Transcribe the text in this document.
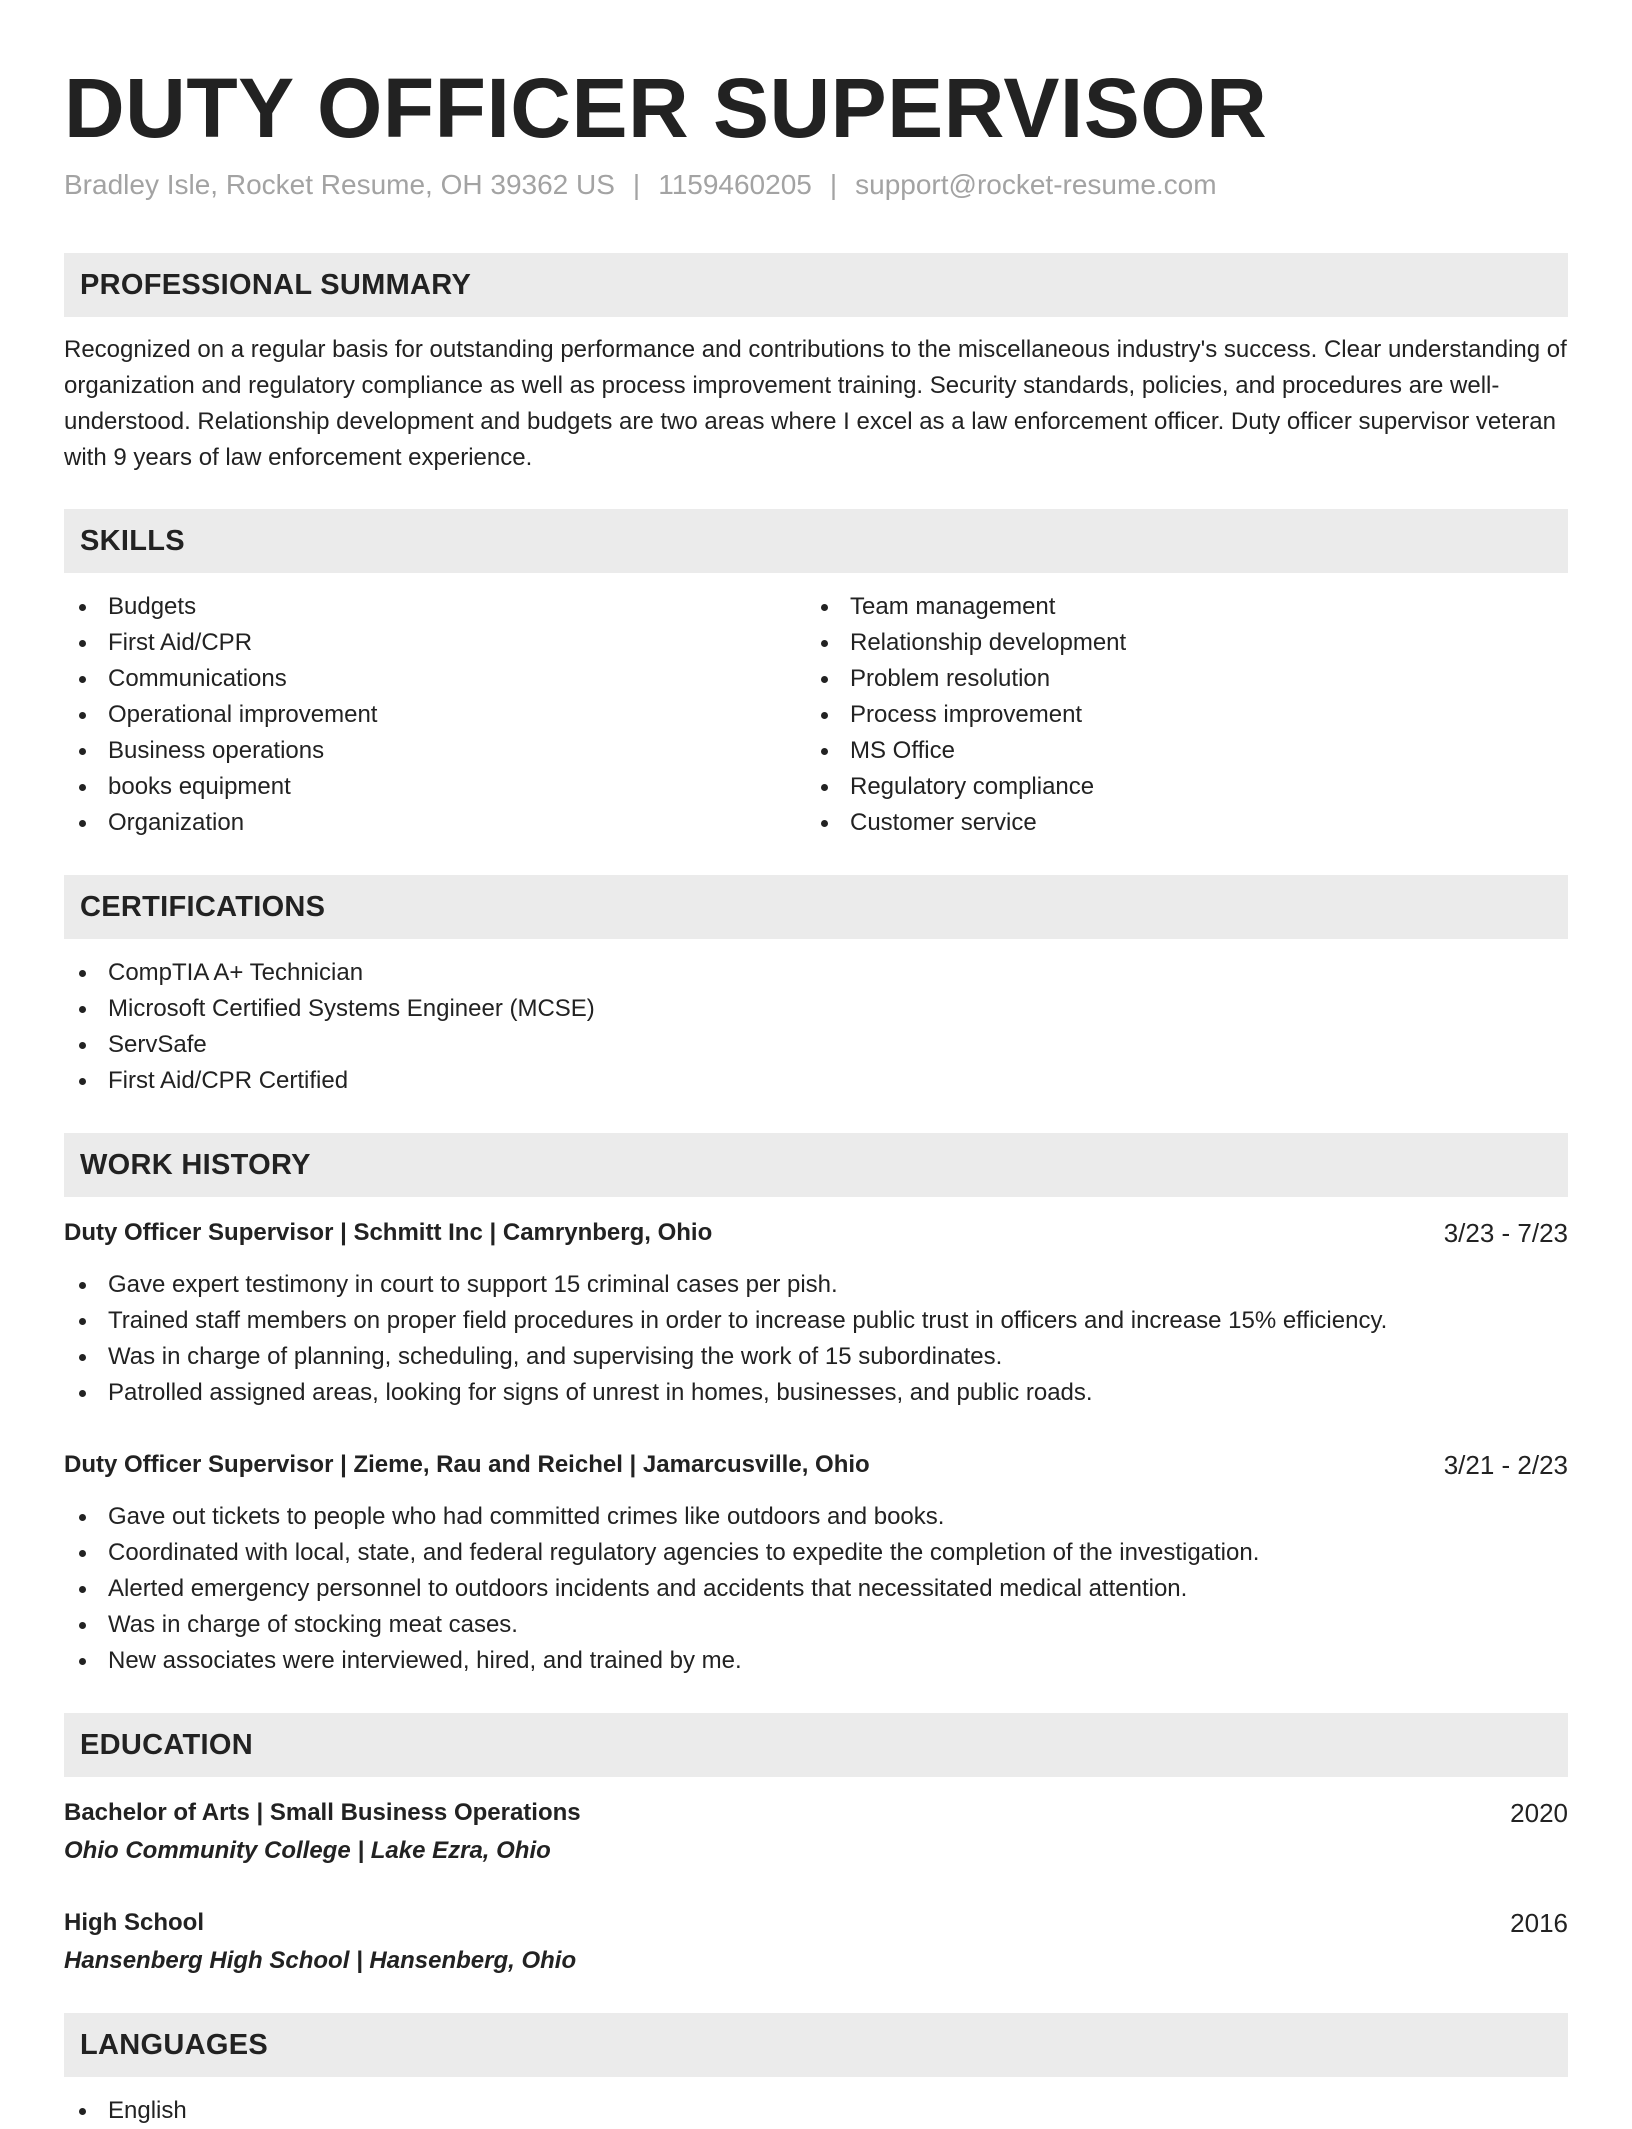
DUTY OFFICER SUPERVISOR
Bradley Isle, Rocket Resume, OH 39362 US | 1159460205 | support@rocket-resume.com
PROFESSIONAL SUMMARY

Recognized on a regular basis for outstanding performance and contributions to the miscellaneous industry's success. Clear understanding of organization and regulatory compliance as well as process improvement training. Security standards, policies, and procedures are well-understood. Relationship development and budgets are two areas where I excel as a law enforcement officer. Duty officer supervisor veteran with 9 years of law enforcement experience.

SKILLS
Budgets
First Aid/CPR
Communications
Operational improvement
Business operations
books equipment
Organization
Team management
Relationship development
Problem resolution
Process improvement
MS Office
Regulatory compliance
Customer service
CERTIFICATIONS
CompTIA A+ Technician
Microsoft Certified Systems Engineer (MCSE)
ServSafe
First Aid/CPR Certified
WORK HISTORY
Duty Officer Supervisor | Schmitt Inc | Camrynberg, Ohio	3/23 - 7/23
Gave expert testimony in court to support 15 criminal cases per pish.
Trained staff members on proper field procedures in order to increase public trust in officers and increase 15% efficiency.
Was in charge of planning, scheduling, and supervising the work of 15 subordinates.
Patrolled assigned areas, looking for signs of unrest in homes, businesses, and public roads.
Duty Officer Supervisor | Zieme, Rau and Reichel | Jamarcusville, Ohio	3/21 - 2/23
Gave out tickets to people who had committed crimes like outdoors and books.
Coordinated with local, state, and federal regulatory agencies to expedite the completion of the investigation.
Alerted emergency personnel to outdoors incidents and accidents that necessitated medical attention.
Was in charge of stocking meat cases.
New associates were interviewed, hired, and trained by me.
EDUCATION
Bachelor of Arts | Small Business Operations	2020
Ohio Community College | Lake Ezra, Ohio
High School	2016
Hansenberg High School | Hansenberg, Ohio
LANGUAGES
English
